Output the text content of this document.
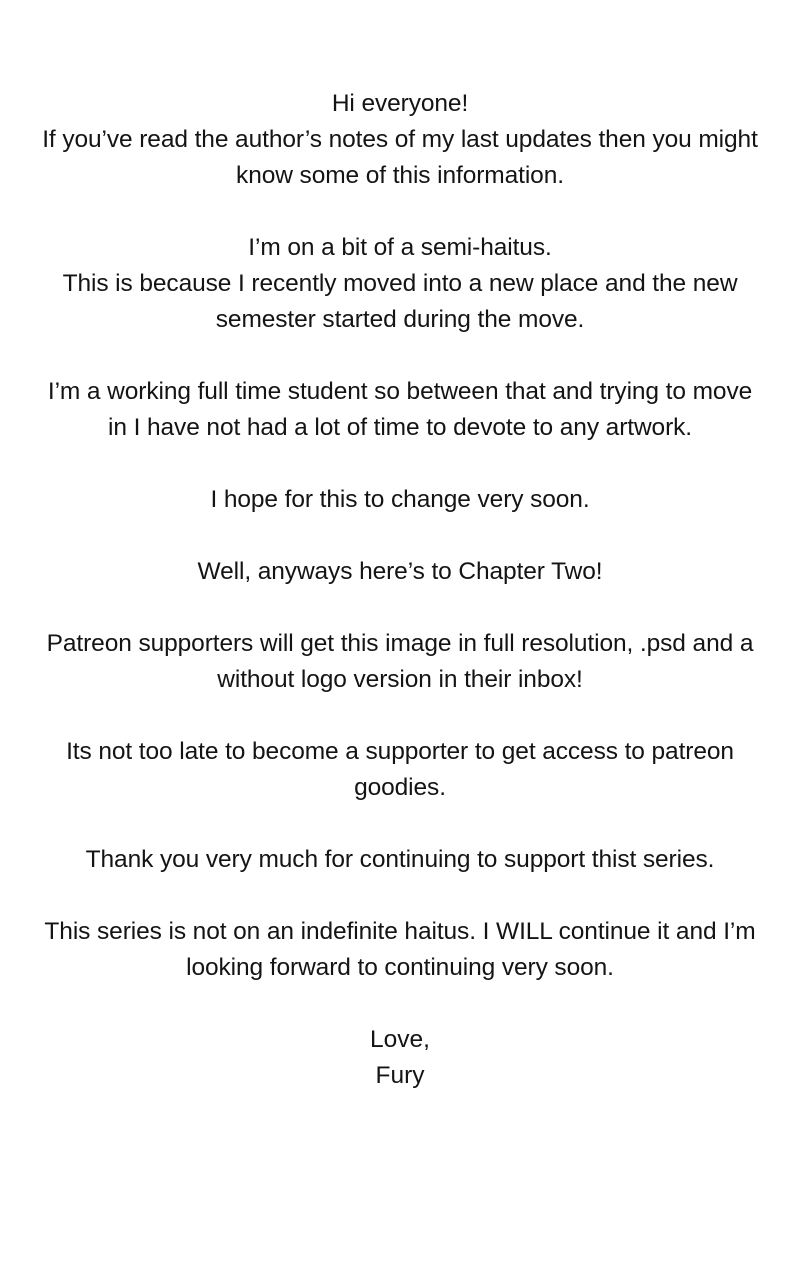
Hi everyone!
If you’ve read the author’s notes of my last updates then you might know some of this information.

I’m on a bit of a semi-haitus.
This is because I recently moved into a new place and the new semester started during the move.

I’m a working full time student so between that and trying to move in I have not had a lot of time to devote to any artwork.

I hope for this to change very soon.

Well, anyways here’s to Chapter Two!

Patreon supporters will get this image in full resolution, .psd and a without logo version in their inbox!

Its not too late to become a supporter to get access to patreon goodies.

Thank you very much for continuing to support thist series.

This series is not on an indefinite haitus. I WILL continue it and I’m looking forward to continuing very soon.

Love,

Fury
